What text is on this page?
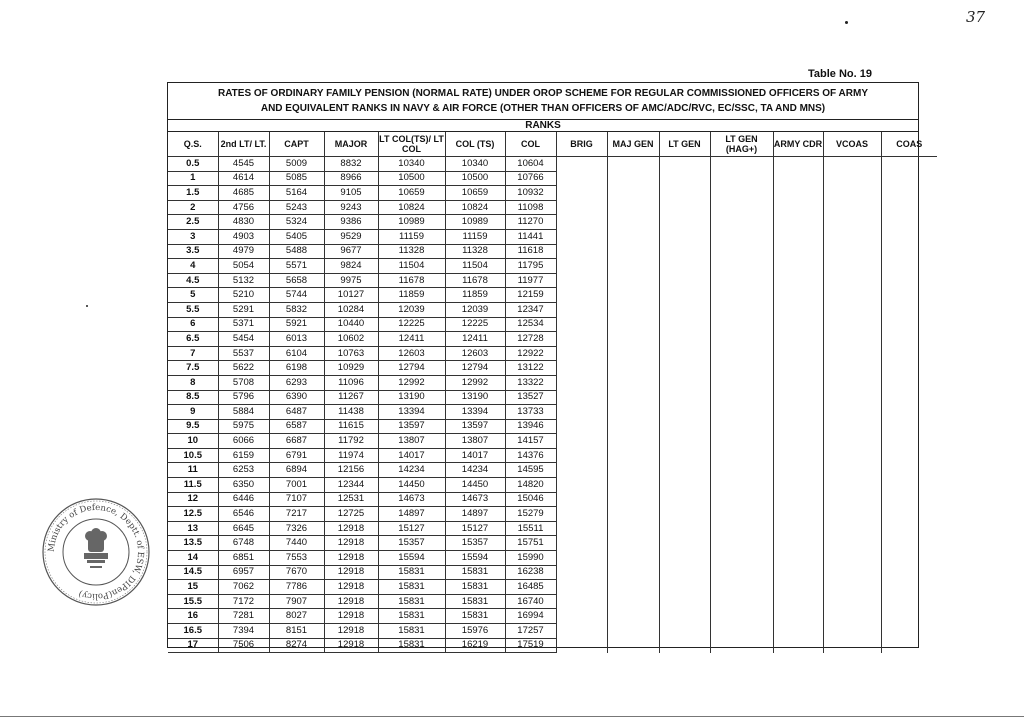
37
Table No. 19
RATES OF ORDINARY FAMILY PENSION (NORMAL RATE) UNDER OROP SCHEME FOR REGULAR COMMISSIONED OFFICERS OF ARMY
AND EQUIVALENT RANKS IN NAVY & AIR FORCE (OTHER THAN OFFICERS OF AMC/ADC/RVC, EC/SSC, TA AND MNS)
RANKS
Q.S.	2nd LT/ LT.	CAPT	MAJOR	LT COL(TS)/ LT COL	COL (TS)	COL	BRIG	MAJ GEN	LT GEN	LT GEN (HAG+)	ARMY CDR	VCOAS	COAS
0.5	4545	5009	8832	10340	10340	10604							
1	4614	5085	8966	10500	10500	10766							
1.5	4685	5164	9105	10659	10659	10932							
2	4756	5243	9243	10824	10824	11098							
2.5	4830	5324	9386	10989	10989	11270							
3	4903	5405	9529	11159	11159	11441							
3.5	4979	5488	9677	11328	11328	11618							
4	5054	5571	9824	11504	11504	11795							
4.5	5132	5658	9975	11678	11678	11977							
5	5210	5744	10127	11859	11859	12159							
5.5	5291	5832	10284	12039	12039	12347							
6	5371	5921	10440	12225	12225	12534							
6.5	5454	6013	10602	12411	12411	12728							
7	5537	6104	10763	12603	12603	12922							
7.5	5622	6198	10929	12794	12794	13122							
8	5708	6293	11096	12992	12992	13322							
8.5	5796	6390	11267	13190	13190	13527							
9	5884	6487	11438	13394	13394	13733							
9.5	5975	6587	11615	13597	13597	13946							
10	6066	6687	11792	13807	13807	14157							
10.5	6159	6791	11974	14017	14017	14376							
11	6253	6894	12156	14234	14234	14595							
11.5	6350	7001	12344	14450	14450	14820							
12	6446	7107	12531	14673	14673	15046							
12.5	6546	7217	12725	14897	14897	15279							
13	6645	7326	12918	15127	15127	15511							
13.5	6748	7440	12918	15357	15357	15751							
14	6851	7553	12918	15594	15594	15990							
14.5	6957	7670	12918	15831	15831	16238							
15	7062	7786	12918	15831	15831	16485							
15.5	7172	7907	12918	15831	15831	16740							
16	7281	8027	12918	15831	15831	16994							
16.5	7394	8151	12918	15831	15976	17257							
17	7506	8274	12918	15831	16219	17519							
Ministry of Defence, Deptt. of ESW, DIPen(Policy)
